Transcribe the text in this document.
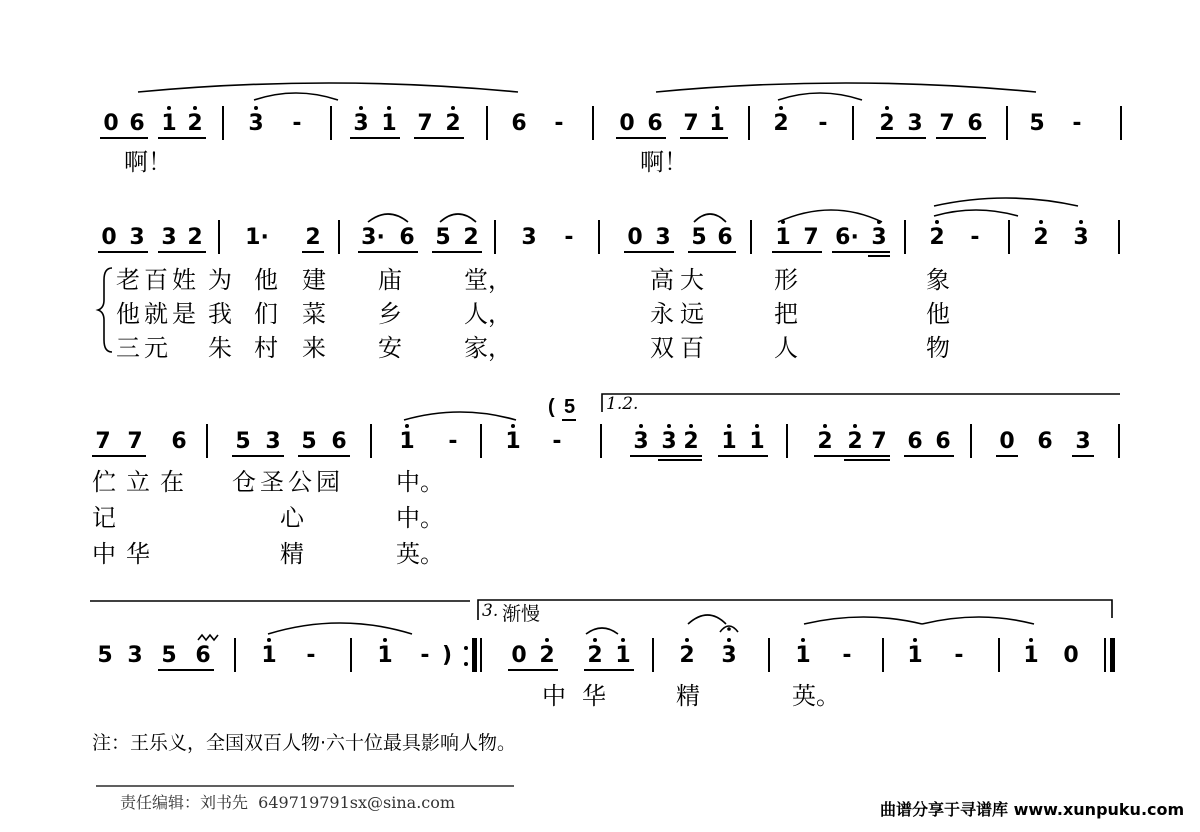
0 6 1 2 3 - 3 1 7 2 6 -	0 6 7 1 2 - 2 3 7 6 5 -
啊！	啊！
0 3 3 2 1· 2 3· 6 5 2 3 - 0 3 5 6 1 7 6· 3 2 - 2 3
老百姓 为 他 建 庙	堂，	高大	形	象
他就是 我 们 菜 乡	人，	永远	把	他
三元 朱 村 来 安	家，	双百	人	物
( 5 1.2.
7 7 6 5 3 5 6 1 - 1 -	3 3 2 1 1 2 2 7 6 6 0 6 3
伫立在 仓圣公园 中。
记	心	中。
中华	精	英。
3. 渐慢
5 3 5 6 1 -	1 - )	0 2 2 1 2 3	1 -	1 -	1 0
中华 精	英。
注：王乐义，全国双百人物·六十位最具影响人物。
责任编辑：刘书先  649719791sx@sina.com	曲谱分享于寻谱库 www.xunpuku.com
